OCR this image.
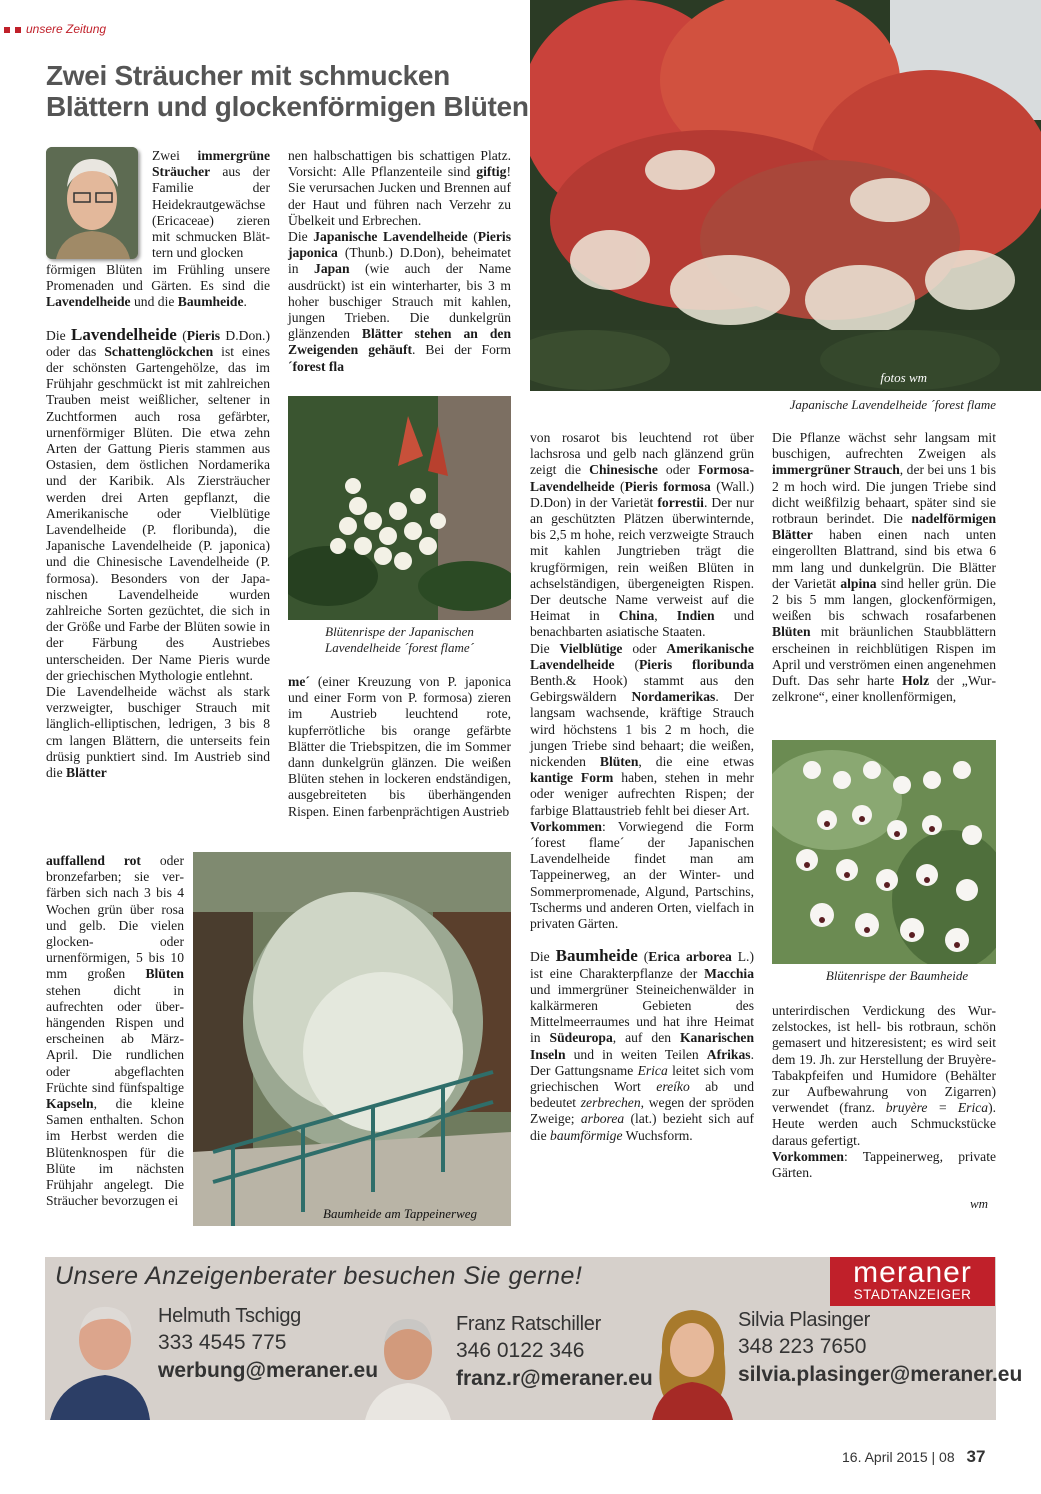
unsere Zeitung
Zwei Sträucher mit schmucken
Blättern und glockenförmigen Blüten

Zwei immergrüne Sträucher aus der Familie der Heidekrautgewächse (Ericaceae) zieren mit schmucken Blättern und glocken

förmigen Blüten im Frühling unsere Promenaden und Gärten. Es sind die Lavendelheide und die Baumheide.

Die Lavendelheide (Pieris D.Don.) oder das Schattenglöckchen ist eines der schönsten Gartengehölze, das im Frühjahr geschmückt ist mit zahlreichen Trauben meist weißlicher, seltener in Zuchtformen auch rosa gefärbter, urnenförmiger Blüten. Die etwa zehn Arten der Gattung Pieris stammen aus Ostasien, dem östlichen Nordamerika und der Karibik. Als Ziersträucher werden drei Arten gepflanzt, die Amerikanische oder Vielblütige Lavendelheide (P. floribunda), die Japanische Lavendelheide (P. japonica) und die Chinesische Lavendelheide (P. formosa). Besonders von der Japanischen Lavendelheide wurden zahlreiche Sorten gezüchtet, die sich in der Größe und Farbe der Blüten sowie in der Färbung des Austriebes unterscheiden. Der Name Pieris wurde der griechischen Mythologie entlehnt.

Die Lavendelheide wächst als stark verzweigter, buschiger Strauch mit länglich-elliptischen, ledrigen, 3 bis 8 cm langen Blättern, die unterseits fein drüsig punktiert sind. Im Austrieb sind die Blätter

auffallend rot oder bronzefarben; sie verfärben sich nach 3 bis 4 Wochen grün über rosa und gelb. Die vielen glocken- oder urnenförmigen, 5 bis 10 mm großen Blüten stehen dicht in aufrechten oder überhängenden Rispen und erscheinen ab März-April. Die rundlichen oder abgeflachten Früchte sind fünfspaltige Kapseln, die kleine Samen enthalten. Schon im Herbst werden die Blütenknospen für die Blüte im nächsten Frühjahr angelegt. Die Sträucher bevorzugen ei

nen halbschattigen bis schattigen Platz. Vorsicht: Alle Pflanzenteile sind giftig! Sie verursachen Jucken und Brennen auf der Haut und führen nach Verzehr zu Übelkeit und Erbrechen.

Die Japanische Lavendelheide (Pieris japonica (Thunb.) D.Don), beheimatet in Japan (wie auch der Name ausdrückt) ist ein winterharter, bis 3 m hoher buschiger Strauch mit kahlen, jungen Trieben. Die dunkelgrün glänzenden Blätter stehen an den Zweigenden gehäuft. Bei der Form ´forest fla

Blütenrispe der Japanischen
Lavendelheide ´forest flame´

me´ (einer Kreuzung von P. japonica und einer Form von P. formosa) zieren im Austrieb leuchtend rote, kupferrötliche bis orange gefärbte Blätter die Triebspitzen, die im Sommer dann dunkelgrün glänzen. Die weißen Blüten stehen in lockeren endständigen, ausgebreiteten bis überhängenden Rispen. Einen farbenprächtigen Austrieb

Baumheide am Tappeinerweg
fotos wm
Japanische Lavendelheide ´forest flame

von rosarot bis leuchtend rot über lachsrosa und gelb nach glänzend grün zeigt die Chinesische oder Formosa-Lavendelheide (Pieris formosa (Wall.) D.Don) in der Varietät forrestii. Der nur an geschützten Plätzen überwinternde, bis 2,5 m hohe, reich verzweigte Strauch mit kahlen Jungtrieben trägt die krugförmigen, rein weißen Blüten in achselständigen, übergeneigten Rispen. Der deutsche Name verweist auf die Heimat in China, Indien und benachbarten asiatische Staaten.

Die Vielblütige oder Amerikanische Lavendelheide (Pieris floribunda Benth.& Hook) stammt aus den Gebirgswäldern Nordamerikas. Der langsam wachsende, kräftige Strauch wird höchstens 1 bis 2 m hoch, die jungen Triebe sind behaart; die weißen, nickenden Blüten, die eine etwas kantige Form haben, stehen in mehr oder weniger aufrechten Rispen; der farbige Blattaustrieb fehlt bei dieser Art.

Vorkommen: Vorwiegend die Form ´forest flame´ der Japanischen Lavendelheide findet man am Tappeinerweg, an der Winter- und Sommerpromenade, Algund, Partschins, Tscherms und anderen Orten, vielfach in privaten Gärten.

Die Baumheide (Erica arborea L.) ist eine Charakterpflanze der Macchia und immergrüner Steineichenwälder in kalkärmeren Gebieten des Mittelmeerraumes und hat ihre Heimat in Südeuropa, auf den Kanarischen Inseln und in weiten Teilen Afrikas. Der Gattungsname Erica leitet sich vom griechischen Wort ereíko ab und bedeutet zerbrechen, wegen der spröden Zweige; arborea (lat.) bezieht sich auf die baumförmige Wuchsform.

Die Pflanze wächst sehr langsam mit buschigen, aufrechten Zweigen als immergrüner Strauch, der bei uns 1 bis 2 m hoch wird. Die jungen Triebe sind dicht weißfilzig behaart, später sind sie rotbraun berindet. Die nadelförmigen Blätter haben einen nach unten eingerollten Blattrand, sind bis etwa 6 mm lang und dunkelgrün. Die Blätter der Varietät alpina sind heller grün. Die 2 bis 5 mm langen, glockenförmigen, weißen bis schwach rosafarbenen Blüten mit bräunlichen Staubblättern erscheinen in reichblütigen Rispen im April und verströmen einen angenehmen Duft. Das sehr harte Holz der „Wurzelkrone“, einer knollenförmigen,

Blütenrispe der Baumheide

unterirdischen Verdickung des Wurzelstockes, ist hell- bis rotbraun, schön gemasert und hitzeresistent; es wird seit dem 19. Jh. zur Herstellung der Bruyère-Tabakpfeifen und Humidore (Behälter zur Aufbewahrung von Zigarren) verwendet (franz. bruyère = Erica). Heute werden auch Schmuckstücke daraus gefertigt.

Vorkommen: Tappeinerweg, private Gärten.

wm
Unsere Anzeigenberater besuchen Sie gerne!	meraner
STADTANZEIGER
Helmuth Tschigg
333 4545 775
werbung@meraner.eu
Franz Ratschiller
346 0122 346
franz.r@meraner.eu
Silvia Plasinger
348 223 7650
silvia.plasinger@meraner.eu
16. April 2015 | 08 37
